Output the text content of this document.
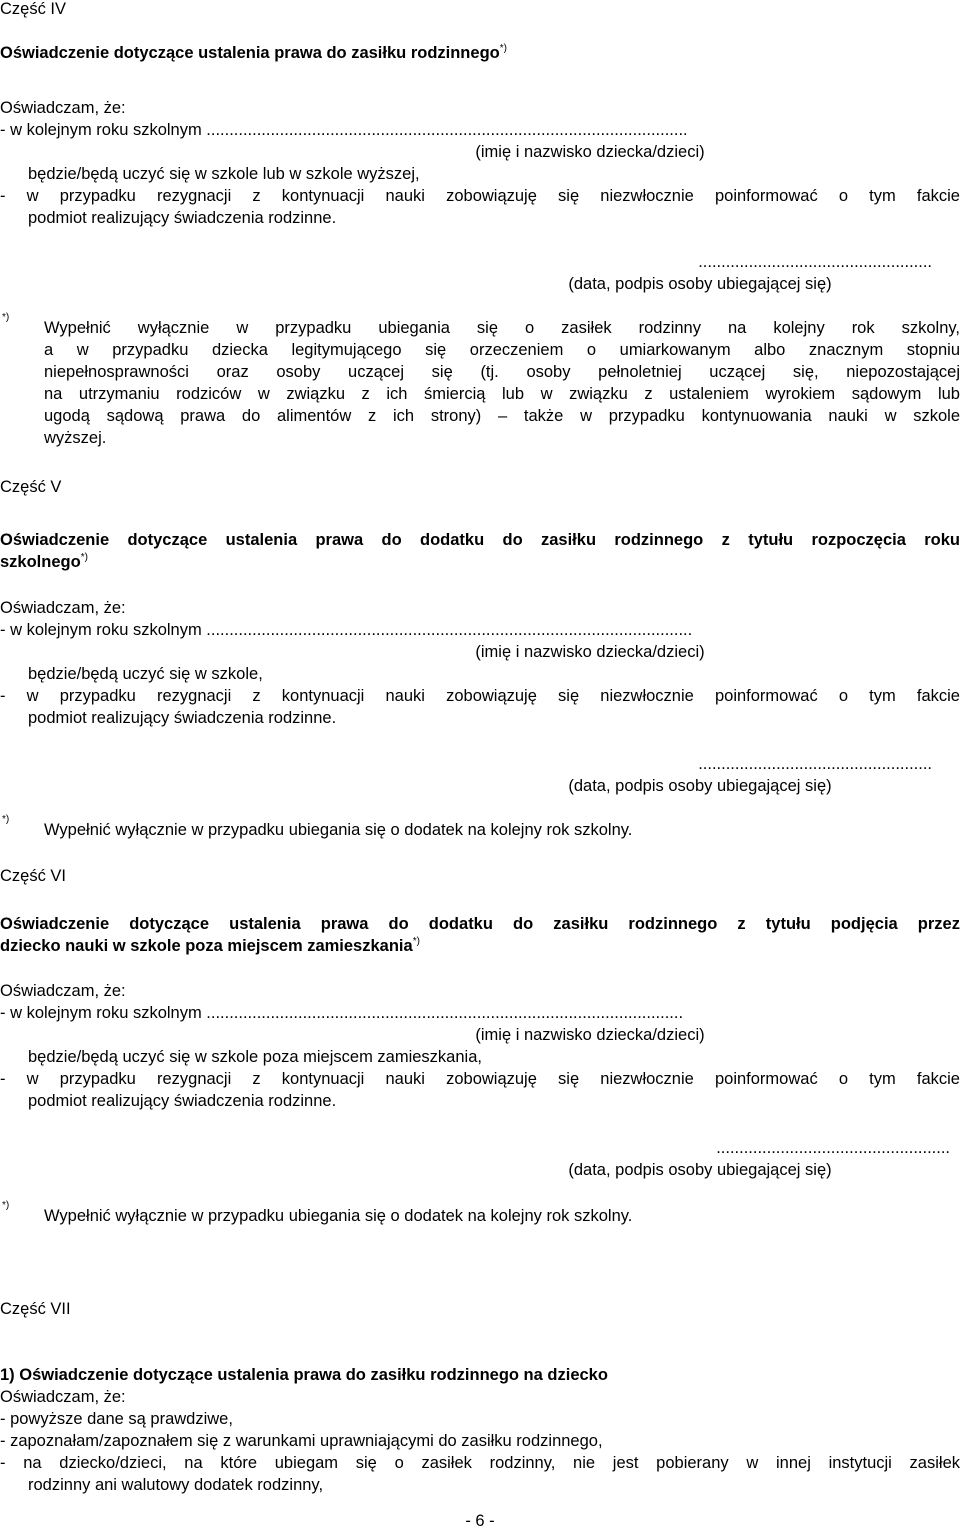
Część IV
Oświadczenie dotyczące ustalenia prawa do zasiłku rodzinnego*)
Oświadczam, że:
- w kolejnym roku szkolnym .........................................................................................................
(imię i nazwisko dziecka/dzieci)
będzie/będą uczyć się w szkole lub w szkole wyższej,
- w przypadku rezygnacji z kontynuacji nauki zobowiązuję się niezwłocznie poinformować o tym fakcie
podmiot realizujący świadczenia rodzinne.
...................................................
(data, podpis osoby ubiegającej się)
*)
Wypełnić wyłącznie w przypadku ubiegania się o zasiłek rodzinny na kolejny rok szkolny,
a w przypadku dziecka legitymującego się orzeczeniem o umiarkowanym albo znacznym stopniu
niepełnosprawności oraz osoby uczącej się (tj. osoby pełnoletniej uczącej się, niepozostającej
na utrzymaniu rodziców w związku z ich śmiercią lub w związku z ustaleniem wyrokiem sądowym lub
ugodą sądową prawa do alimentów z ich strony) – także w przypadku kontynuowania nauki w szkole
wyższej.
Część V
Oświadczenie dotyczące ustalenia prawa do dodatku do zasiłku rodzinnego z tytułu rozpoczęcia roku
szkolnego*)
Oświadczam, że:
- w kolejnym roku szkolnym ..........................................................................................................
(imię i nazwisko dziecka/dzieci)
będzie/będą uczyć się w szkole,
- w przypadku rezygnacji z kontynuacji nauki zobowiązuję się niezwłocznie poinformować o tym fakcie
podmiot realizujący świadczenia rodzinne.
...................................................
(data, podpis osoby ubiegającej się)
*)
Wypełnić wyłącznie w przypadku ubiegania się o dodatek na kolejny rok szkolny.
Część VI
Oświadczenie dotyczące ustalenia prawa do dodatku do zasiłku rodzinnego z tytułu podjęcia przez
dziecko nauki w szkole poza miejscem zamieszkania*)
Oświadczam, że:
- w kolejnym roku szkolnym ........................................................................................................
(imię i nazwisko dziecka/dzieci)
będzie/będą uczyć się w szkole poza miejscem zamieszkania,
- w przypadku rezygnacji z kontynuacji nauki zobowiązuję się niezwłocznie poinformować o tym fakcie
podmiot realizujący świadczenia rodzinne.
...................................................
(data, podpis osoby ubiegającej się)
*)
Wypełnić wyłącznie w przypadku ubiegania się o dodatek na kolejny rok szkolny.
Część VII
1) Oświadczenie dotyczące ustalenia prawa do zasiłku rodzinnego na dziecko
Oświadczam, że:
- powyższe dane są prawdziwe,
- zapoznałam/zapoznałem się z warunkami uprawniającymi do zasiłku rodzinnego,
- na dziecko/dzieci, na które ubiegam się o zasiłek rodzinny, nie jest pobierany w innej instytucji zasiłek
rodzinny ani walutowy dodatek rodzinny,
- 6 -
